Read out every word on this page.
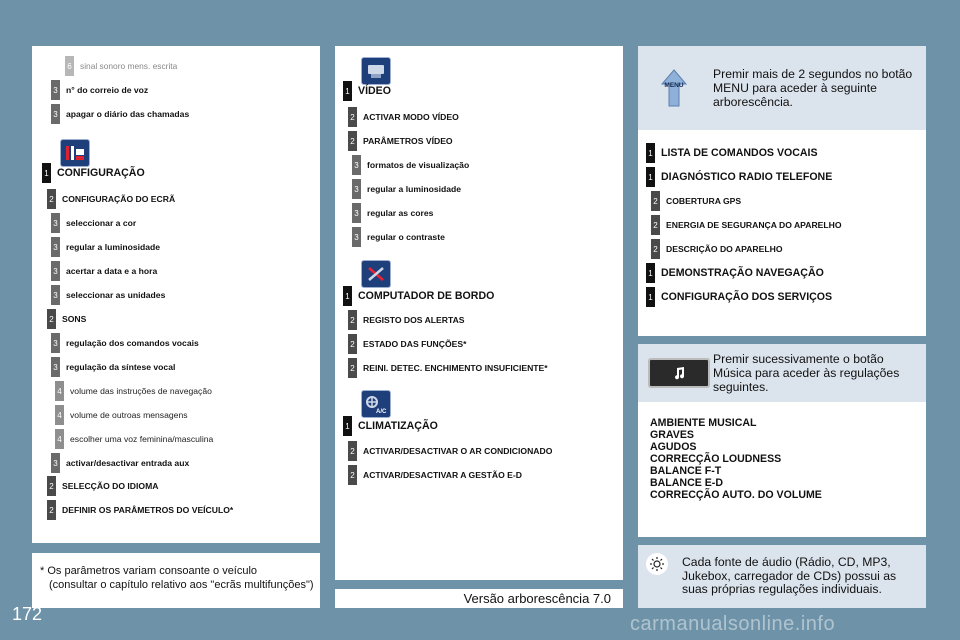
6 sinal sonoro mens. escrita
3 n° do correio de voz
3 apagar o diário das chamadas
1 CONFIGURAÇÃO
2 CONFIGURAÇÃO DO ECRÃ
3 seleccionar a cor
3 regular a luminosidade
3 acertar a data e a hora
3 seleccionar as unidades
2 SONS
3 regulação dos comandos vocais
3 regulação da síntese vocal
4 volume das instruções de navegação
4 volume de outroas mensagens
4 escolher uma voz feminina/masculina
3 activar/desactivar entrada aux
2 SELECÇÃO DO IDIOMA
2 DEFINIR OS PARÂMETROS DO VEÍCULO*
* Os parâmetros variam consoante o veículo
(consultar o capítulo relativo aos "ecrãs multifunções")
1 VÍDEO
2 ACTIVAR MODO VÍDEO
2 PARÂMETROS VÍDEO
3 formatos de visualização
3 regular a luminosidade
3 regular as cores
3 regular o contraste
1 COMPUTADOR DE BORDO
2 REGISTO DOS ALERTAS
2 ESTADO DAS FUNÇÕES*
2 REINI. DETEC. ENCHIMENTO INSUFICIENTE*
A/C
1 CLIMATIZAÇÃO
2 ACTIVAR/DESACTIVAR O AR CONDICIONADO
2 ACTIVAR/DESACTIVAR A GESTÃO E-D
Versão arborescência 7.0
MENU
Premir mais de 2 segundos no botão MENU para aceder à seguinte arborescência.
1 LISTA DE COMANDOS VOCAIS
1 DIAGNÓSTICO RADIO TELEFONE
2 COBERTURA GPS
2 ENERGIA DE SEGURANÇA DO APARELHO
2 DESCRIÇÃO DO APARELHO
1 DEMONSTRAÇÃO NAVEGAÇÃO
1 CONFIGURAÇÃO DOS SERVIÇOS
Premir sucessivamente o botão Música para aceder às regulações seguintes.
AMBIENTE MUSICAL
GRAVES
AGUDOS
CORRECÇÃO LOUDNESS
BALANCE F-T
BALANCE E-D
CORRECÇÃO AUTO. DO VOLUME
Cada fonte de áudio (Rádio, CD, MP3, Jukebox, carregador de CDs) possui as suas próprias regulações individuais.
172	carmanualsonline.info
